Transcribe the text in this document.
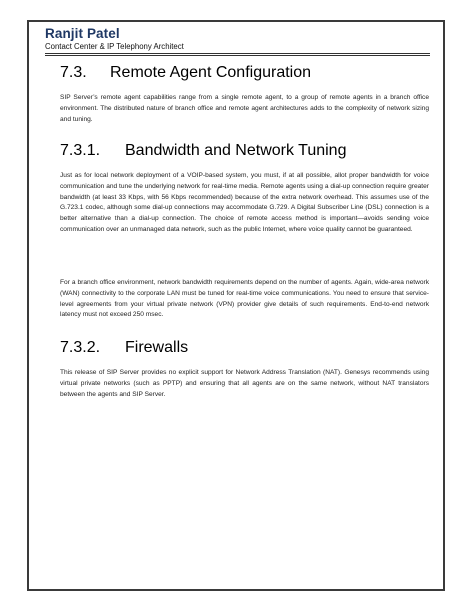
Ranjit Patel
Contact Center & IP Telephony Architect
7.3. Remote Agent Configuration

SIP Server’s remote agent capabilities range from a single remote agent, to a group of remote agents in a branch office environment. The distributed nature of branch office and remote agent architectures adds to the complexity of network sizing and tuning.

7.3.1. Bandwidth and Network Tuning

Just as for local network deployment of a VOIP-based system, you must, if at all possible, allot proper bandwidth for voice communication and tune the underlying network for real-time media. Remote agents using a dial-up connection require greater bandwidth (at least 33 Kbps, with 56 Kbps recommended) because of the extra network overhead. This assumes use of the G.723.1 codec, although some dial-up connections may accommodate G.729. A Digital Subscriber Line (DSL) connection is a better alternative than a dial-up connection. The choice of remote access method is important—avoids sending voice communication over an unmanaged data network, such as the public Internet, where voice quality cannot be guaranteed.

For a branch office environment, network bandwidth requirements depend on the number of agents. Again, wide-area network (WAN) connectivity to the corporate LAN must be tuned for real-time voice communications. You need to ensure that service-level agreements from your virtual private network (VPN) provider give details of such requirements. End-to-end network latency must not exceed 250 msec.

7.3.2. Firewalls

This release of SIP Server provides no explicit support for Network Address Translation (NAT). Genesys recommends using virtual private networks (such as PPTP) and ensuring that all agents are on the same network, without NAT translators between the agents and SIP Server.
